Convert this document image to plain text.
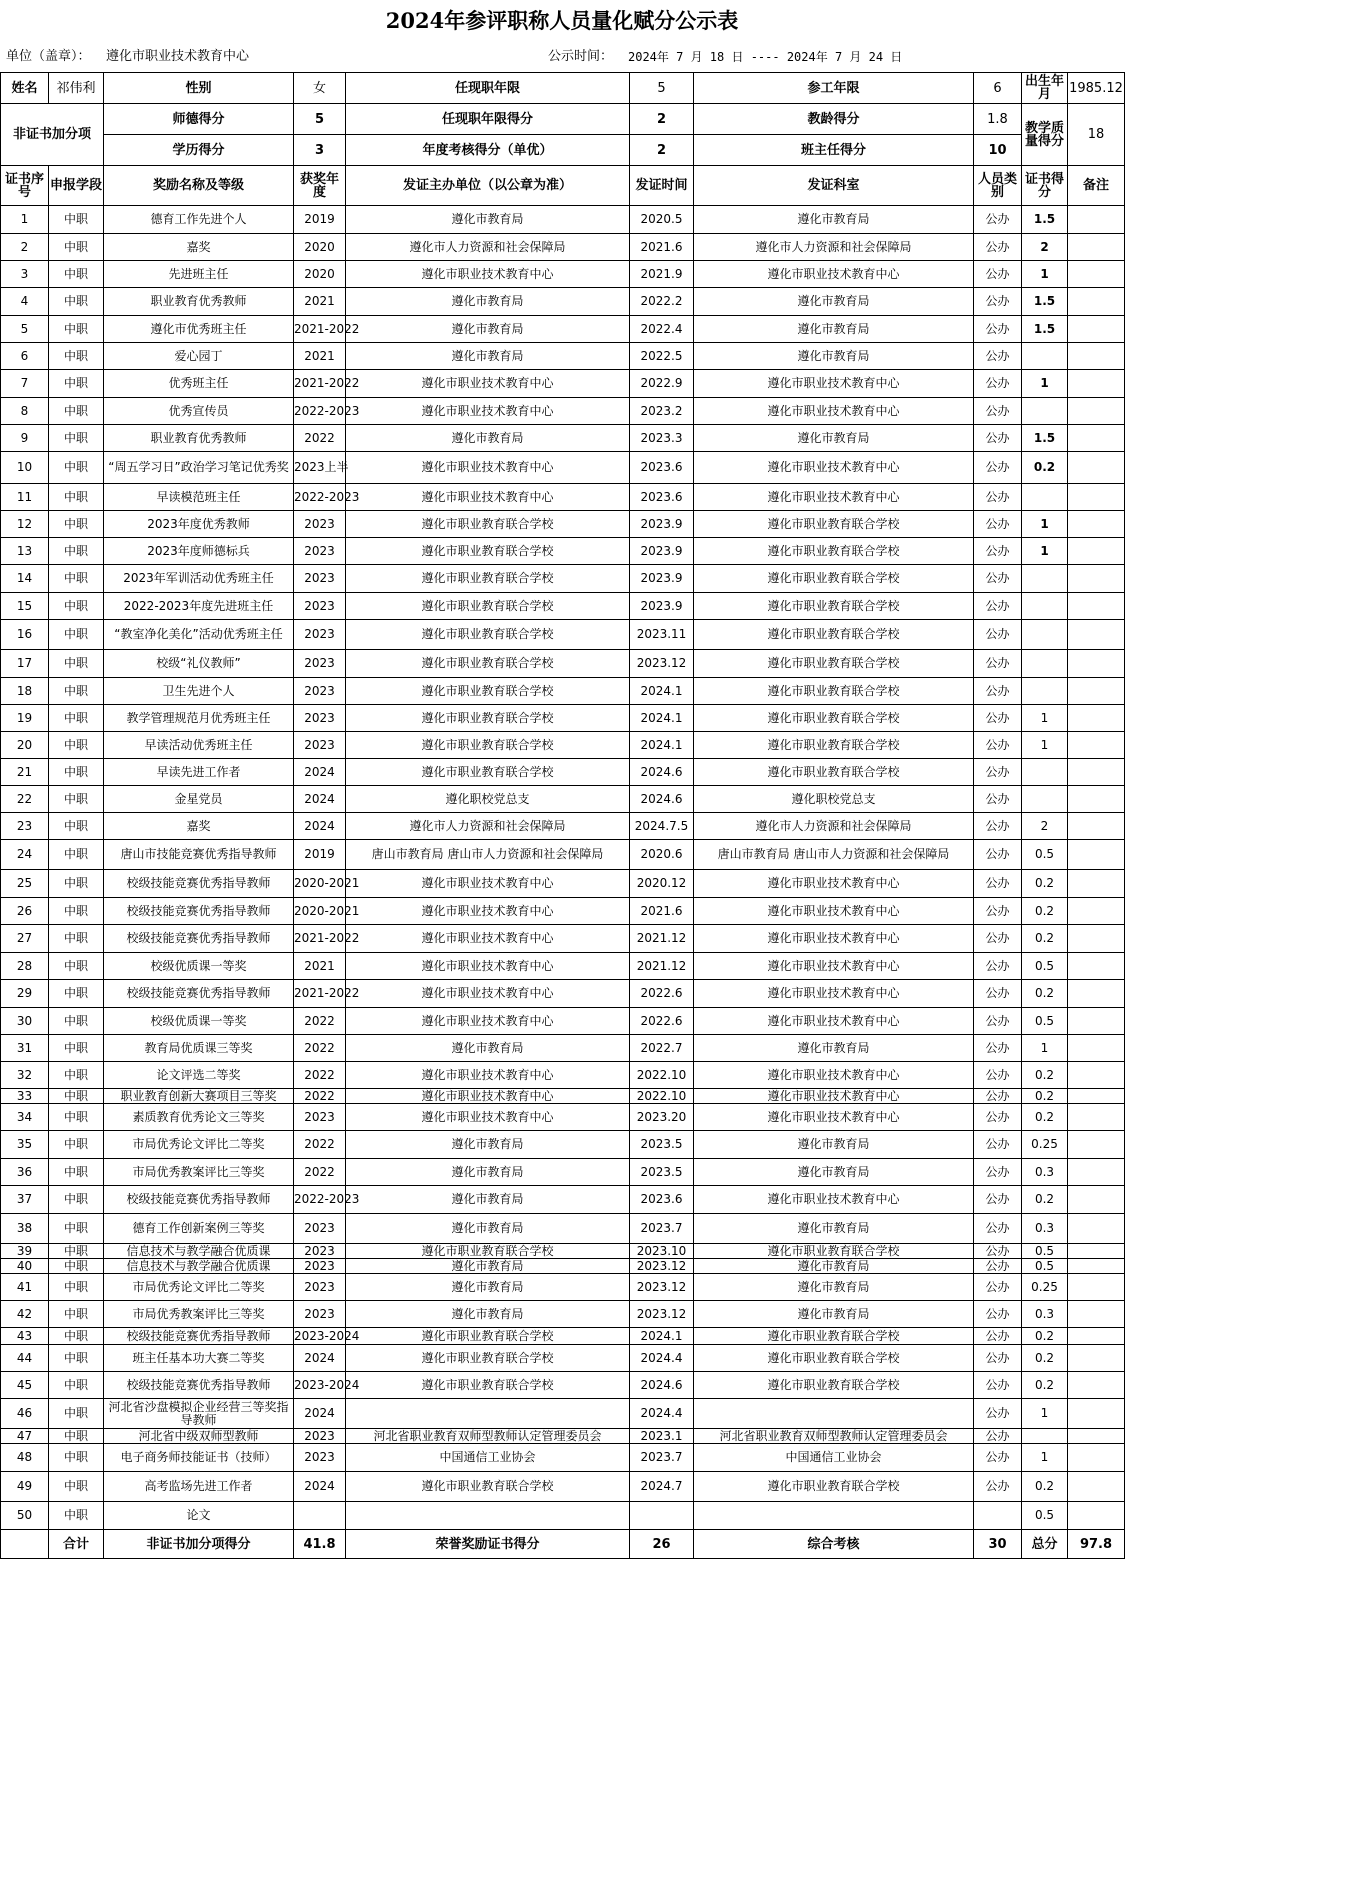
2024年参评职称人员量化赋分公示表
单位（盖章）： 遵化市职业技术教育中心	公示时间： 2024年 7 月 18 日 ---- 2024年 7 月 24 日
姓名	祁伟利	性别	女	任现职年限	5	参工年限	6	出生年月	1985.12
非证书加分项		师德得分	5	任现职年限得分	2	教龄得分	1.8	教学质量得分	18
		学历得分	3	年度考核得分（单优）	2	班主任得分	10		
证书序号	申报学段	奖励名称及等级	获奖年度	发证主办单位（以公章为准）	发证时间	发证科室	人员类别	证书得分	备注
1	中职	德育工作先进个人	2019	遵化市教育局	2020.5	遵化市教育局	公办	1.5	
2	中职	嘉奖	2020	遵化市人力资源和社会保障局	2021.6	遵化市人力资源和社会保障局	公办	2	
3	中职	先进班主任	2020	遵化市职业技术教育中心	2021.9	遵化市职业技术教育中心	公办	1	
4	中职	职业教育优秀教师	2021	遵化市教育局	2022.2	遵化市教育局	公办	1.5	
5	中职	遵化市优秀班主任	2021-2022	遵化市教育局	2022.4	遵化市教育局	公办	1.5	
6	中职	爱心园丁	2021	遵化市教育局	2022.5	遵化市教育局	公办		
7	中职	优秀班主任	2021-2022	遵化市职业技术教育中心	2022.9	遵化市职业技术教育中心	公办	1	
8	中职	优秀宣传员	2022-2023	遵化市职业技术教育中心	2023.2	遵化市职业技术教育中心	公办		
9	中职	职业教育优秀教师	2022	遵化市教育局	2023.3	遵化市教育局	公办	1.5	
10	中职	“周五学习日”政治学习笔记优秀奖	2023上半	遵化市职业技术教育中心	2023.6	遵化市职业技术教育中心	公办	0.2	
11	中职	早读模范班主任	2022-2023	遵化市职业技术教育中心	2023.6	遵化市职业技术教育中心	公办		
12	中职	2023年度优秀教师	2023	遵化市职业教育联合学校	2023.9	遵化市职业教育联合学校	公办	1	
13	中职	2023年度师德标兵	2023	遵化市职业教育联合学校	2023.9	遵化市职业教育联合学校	公办	1	
14	中职	2023年军训活动优秀班主任	2023	遵化市职业教育联合学校	2023.9	遵化市职业教育联合学校	公办		
15	中职	2022-2023年度先进班主任	2023	遵化市职业教育联合学校	2023.9	遵化市职业教育联合学校	公办		
16	中职	“教室净化美化”活动优秀班主任	2023	遵化市职业教育联合学校	2023.11	遵化市职业教育联合学校	公办		
17	中职	校级“礼仪教师”	2023	遵化市职业教育联合学校	2023.12	遵化市职业教育联合学校	公办		
18	中职	卫生先进个人	2023	遵化市职业教育联合学校	2024.1	遵化市职业教育联合学校	公办		
19	中职	教学管理规范月优秀班主任	2023	遵化市职业教育联合学校	2024.1	遵化市职业教育联合学校	公办	1	
20	中职	早读活动优秀班主任	2023	遵化市职业教育联合学校	2024.1	遵化市职业教育联合学校	公办	1	
21	中职	早读先进工作者	2024	遵化市职业教育联合学校	2024.6	遵化市职业教育联合学校	公办		
22	中职	金星党员	2024	遵化职校党总支	2024.6	遵化职校党总支	公办		
23	中职	嘉奖	2024	遵化市人力资源和社会保障局	2024.7.5	遵化市人力资源和社会保障局	公办	2	
24	中职	唐山市技能竞赛优秀指导教师	2019	唐山市教育局 唐山市人力资源和社会保障局	2020.6	唐山市教育局 唐山市人力资源和社会保障局	公办	0.5	
25	中职	校级技能竞赛优秀指导教师	2020-2021	遵化市职业技术教育中心	2020.12	遵化市职业技术教育中心	公办	0.2	
26	中职	校级技能竞赛优秀指导教师	2020-2021	遵化市职业技术教育中心	2021.6	遵化市职业技术教育中心	公办	0.2	
27	中职	校级技能竞赛优秀指导教师	2021-2022	遵化市职业技术教育中心	2021.12	遵化市职业技术教育中心	公办	0.2	
28	中职	校级优质课一等奖	2021	遵化市职业技术教育中心	2021.12	遵化市职业技术教育中心	公办	0.5	
29	中职	校级技能竞赛优秀指导教师	2021-2022	遵化市职业技术教育中心	2022.6	遵化市职业技术教育中心	公办	0.2	
30	中职	校级优质课一等奖	2022	遵化市职业技术教育中心	2022.6	遵化市职业技术教育中心	公办	0.5	
31	中职	教育局优质课三等奖	2022	遵化市教育局	2022.7	遵化市教育局	公办	1	
32	中职	论文评选二等奖	2022	遵化市职业技术教育中心	2022.10	遵化市职业技术教育中心	公办	0.2	
33	中职	职业教育创新大赛项目三等奖	2022	遵化市职业技术教育中心	2022.10	遵化市职业技术教育中心	公办	0.2	
34	中职	素质教育优秀论文三等奖	2023	遵化市职业技术教育中心	2023.20	遵化市职业技术教育中心	公办	0.2	
35	中职	市局优秀论文评比二等奖	2022	遵化市教育局	2023.5	遵化市教育局	公办	0.25	
36	中职	市局优秀教案评比三等奖	2022	遵化市教育局	2023.5	遵化市教育局	公办	0.3	
37	中职	校级技能竞赛优秀指导教师	2022-2023	遵化市教育局	2023.6	遵化市职业技术教育中心	公办	0.2	
38	中职	德育工作创新案例三等奖	2023	遵化市教育局	2023.7	遵化市教育局	公办	0.3	
39	中职	信息技术与教学融合优质课	2023	遵化市职业教育联合学校	2023.10	遵化市职业教育联合学校	公办	0.5	
40	中职	信息技术与教学融合优质课	2023	遵化市教育局	2023.12	遵化市教育局	公办	0.5	
41	中职	市局优秀论文评比二等奖	2023	遵化市教育局	2023.12	遵化市教育局	公办	0.25	
42	中职	市局优秀教案评比三等奖	2023	遵化市教育局	2023.12	遵化市教育局	公办	0.3	
43	中职	校级技能竞赛优秀指导教师	2023-2024	遵化市职业教育联合学校	2024.1	遵化市职业教育联合学校	公办	0.2	
44	中职	班主任基本功大赛二等奖	2024	遵化市职业教育联合学校	2024.4	遵化市职业教育联合学校	公办	0.2	
45	中职	校级技能竞赛优秀指导教师	2023-2024	遵化市职业教育联合学校	2024.6	遵化市职业教育联合学校	公办	0.2	
46	中职	河北省沙盘模拟企业经营三等奖指导教师	2024		2024.4		公办	1	
47	中职	河北省中级双师型教师	2023	河北省职业教育双师型教师认定管理委员会	2023.1	河北省职业教育双师型教师认定管理委员会	公办		
48	中职	电子商务师技能证书（技师）	2023	中国通信工业协会	2023.7	中国通信工业协会	公办	1	
49	中职	高考监场先进工作者	2024	遵化市职业教育联合学校	2024.7	遵化市职业教育联合学校	公办	0.2	
50	中职	论文						0.5	
	合计	非证书加分项得分	41.8	荣誉奖励证书得分	26	综合考核	30	总分	97.8
